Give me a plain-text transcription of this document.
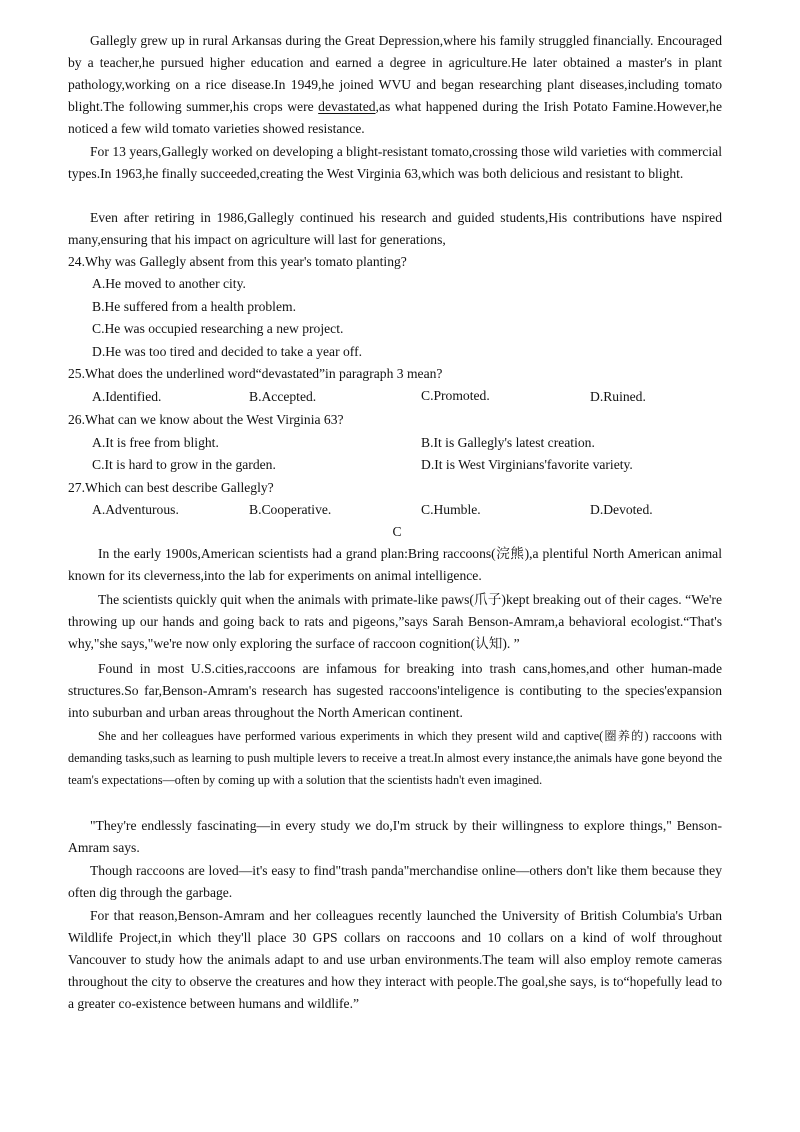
Gallegly grew up in rural Arkansas during the Great Depression,where his family struggled financially. Encouraged by a teacher,he pursued higher education and earned a degree in agriculture.He later obtained a master's in plant pathology,working on a rice disease.In 1949,he joined WVU and began researching plant diseases,including tomato blight.The following summer,his crops were devastated,as what happened during the Irish Potato Famine.However,he noticed a few wild tomato varieties showed resistance.

For 13 years,Gallegly worked on developing a blight-resistant tomato,crossing those wild varieties with commercial types.In 1963,he finally succeeded,creating the West Virginia 63,which was both delicious and resistant to blight.

Even after retiring in 1986,Gallegly continued his research and guided students,His contributions have nspired many,ensuring that his impact on agriculture will last for generations,

24.Why was Gallegly absent from this year's tomato planting?

A.He moved to another city.

B.He suffered from a health problem.

C.He was occupied researching a new project.

D.He was too tired and decided to take a year off.

25.What does the underlined word“devastated”in paragraph 3 mean?

A.Identified.	B.Accepted.	C.Promoted.	D.Ruined.

26.What can we know about the West Virginia 63?

A.It is free from blight.	B.It is Gallegly's latest creation.

C.It is hard to grow in the garden.	D.It is West Virginians'favorite variety.

27.Which can best describe Gallegly?

A.Adventurous.	B.Cooperative.	C.Humble.	D.Devoted.

C

In the early 1900s,American scientists had a grand plan:Bring raccoons(浣熊),a plentiful North American animal known for its cleverness,into the lab for experiments on animal intelligence.

The scientists quickly quit when the animals with primate-like paws(爪子)kept breaking out of their cages. “We're throwing up our hands and going back to rats and pigeons,”says Sarah Benson-Amram,a behavioral ecologist.“That's why,"she says,"we're now only exploring the surface of raccoon cognition(认知). ”

Found in most U.S.cities,raccoons are infamous for breaking into trash cans,homes,and other human-made structures.So far,Benson-Amram's research has sugested raccoons'inteligence is contibuting to the species'expansion into suburban and urban areas throughout the North American continent.

She and her colleagues have performed various experiments in which they present wild and captive(圈养的) raccoons with demanding tasks,such as learning to push multiple levers to receive a treat.In almost every instance,the animals have gone beyond the team's expectations—often by coming up with a solution that the scientists hadn't even imagined.

"They're endlessly fascinating—in every study we do,I'm struck by their willingness to explore things," Benson-Amram says.

Though raccoons are loved—it's easy to find"trash panda"merchandise online—others don't like them because they often dig through the garbage.

For that reason,Benson-Amram and her colleagues recently launched the University of British Columbia's Urban Wildlife Project,in which they'll place 30 GPS collars on raccoons and 10 collars on a kind of wolf throughout Vancouver to study how the animals adapt to and use urban environments.The team will also employ remote cameras throughout the city to observe the creatures and how they interact with people.The goal,she says, is to“hopefully lead to a greater co-existence between humans and wildlife.”
